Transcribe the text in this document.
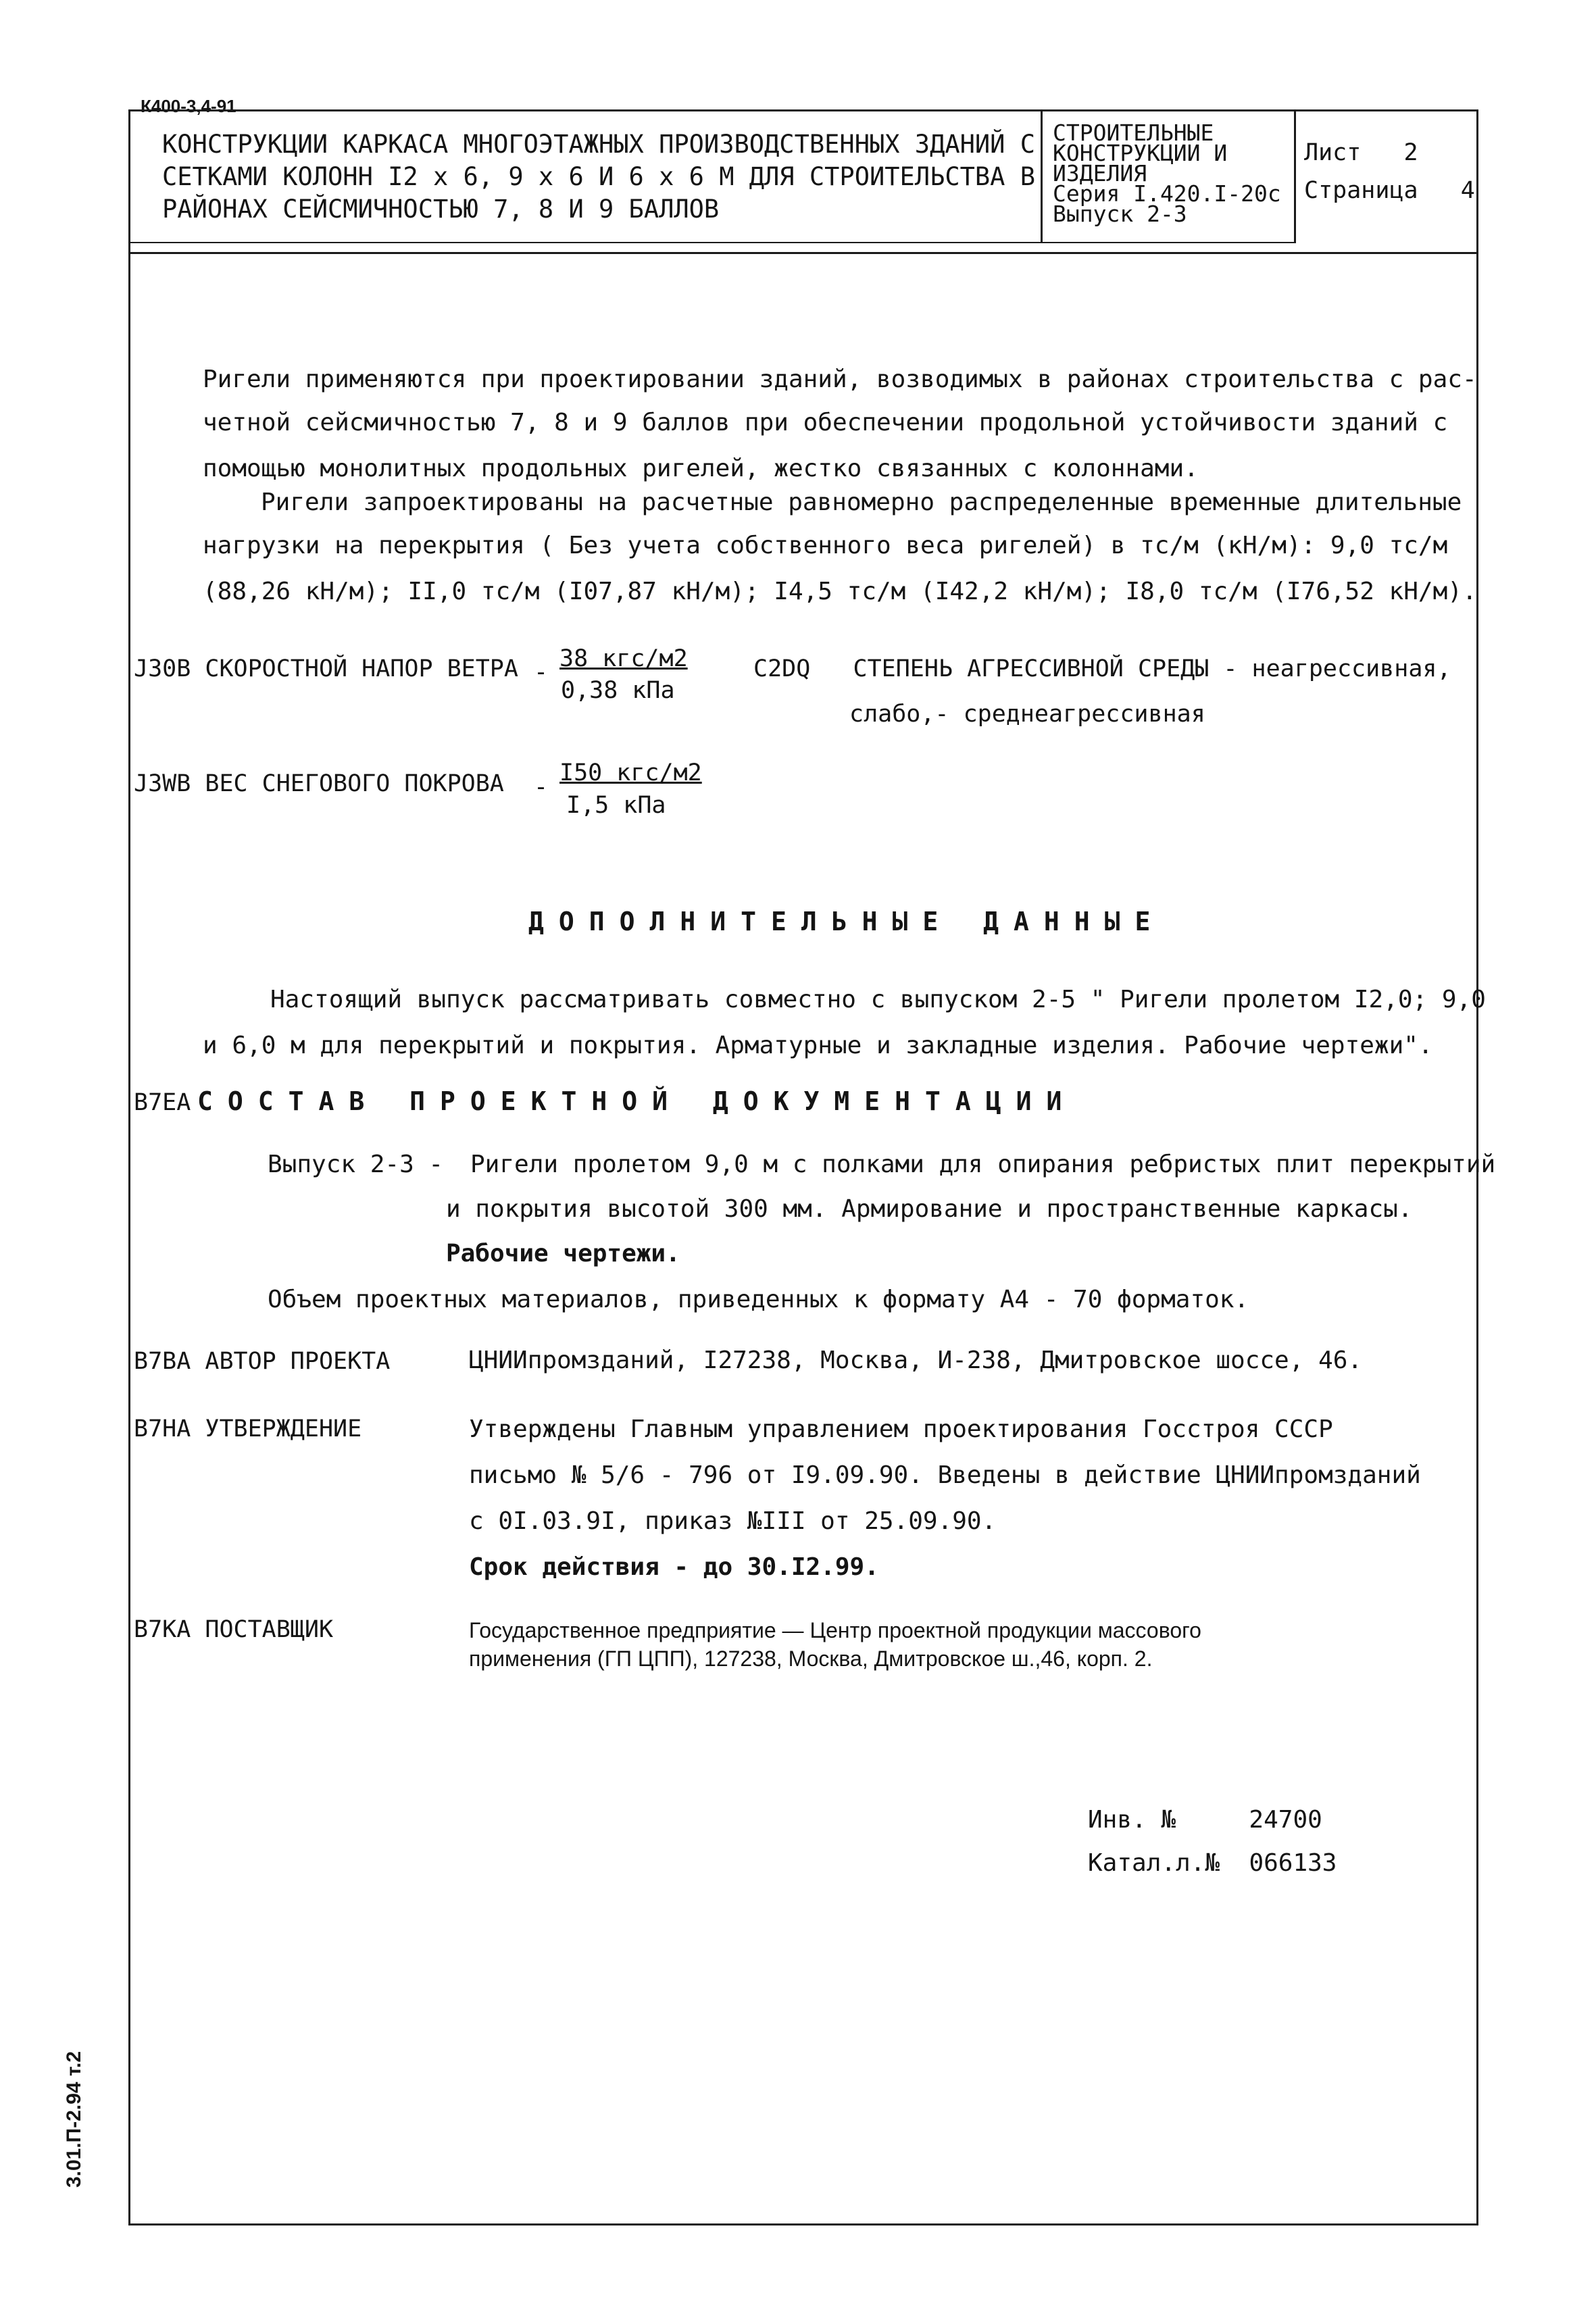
К400-3,4-91
КОНСТРУКЦИИ КАРКАСА МНОГОЭТАЖНЫХ ПРОИЗВОДСТВЕННЫХ ЗДАНИЙ С
СЕТКАМИ КОЛОНН I2 х 6, 9 х 6 И 6 х 6 М ДЛЯ СТРОИТЕЛЬСТВА В
РАЙОНАХ СЕЙСМИЧНОСТЬЮ 7, 8 И 9 БАЛЛОВ
СТРОИТЕЛЬНЫЕ
КОНСТРУКЦИИ И
ИЗДЕЛИЯ
Серия I.420.I-20с
Выпуск 2-3
Лист 2
Страница 4
Ригели применяются при проектировании зданий, возводимых в районах строительства с рас-
четной сейсмичностью 7, 8 и 9 баллов при обеспечении продольной устойчивости зданий с
помощью монолитных продольных ригелей, жестко связанных с колоннами.
Ригели запроектированы на расчетные равномерно распределенные временные длительные
нагрузки на перекрытия ( Без учета собственного веса ригелей) в тс/м (кН/м): 9,0 тс/м
(88,26 кН/м); II,0 тс/м (I07,87 кН/м); I4,5 тс/м (I42,2 кН/м); I8,0 тс/м (I76,52 кН/м).
J30В СКОРОСТНОЙ НАПОР ВЕТРА - 38 кгс/м2
0,38 кПа
С2DQ СТЕПЕНЬ АГРЕССИВНОЙ СРЕДЫ - неагрессивная,
слабо,- среднеагрессивная
J3WВ ВЕС СНЕГОВОГО ПОКРОВА -
I50 кгс/м2
I,5 кПа
ДОПОЛНИТЕЛЬНЫЕ ДАННЫЕ
Настоящий выпуск рассматривать совместно с выпуском 2-5 " Ригели пролетом I2,0; 9,0
и 6,0 м для перекрытий и покрытия. Арматурные и закладные изделия. Рабочие чертежи".
В7ЕА СОСТАВ ПРОЕКТНОЙ ДОКУМЕНТАЦИИ
Выпуск 2-3 - Ригели пролетом 9,0 м с полками для опирания ребристых плит перекрытий
и покрытия высотой 300 мм. Армирование и пространственные каркасы.
Рабочие чертежи.
Объем проектных материалов, приведенных к формату А4 - 70 форматок.
В7ВА АВТОР ПРОЕКТА	ЦНИИпромзданий, I27238, Москва, И-238, Дмитровское шоссе, 46.
В7НА УТВЕРЖДЕНИЕ	Утверждены Главным управлением проектирования Госстроя СССР
письмо № 5/6 - 796 от I9.09.90. Введены в действие ЦНИИпромзданий
с 0I.03.9I, приказ №III от 25.09.90.
Срок действия - до 30.I2.99.
В7КА ПОСТАВЩИК	Государственное предприятие — Центр проектной продукции массового
применения (ГП ЦПП), 127238, Москва, Дмитровское ш.,46, корп. 2.
Инв. №	24700
Катал.л.№ 066133
3.01.П-2.94 т.2
